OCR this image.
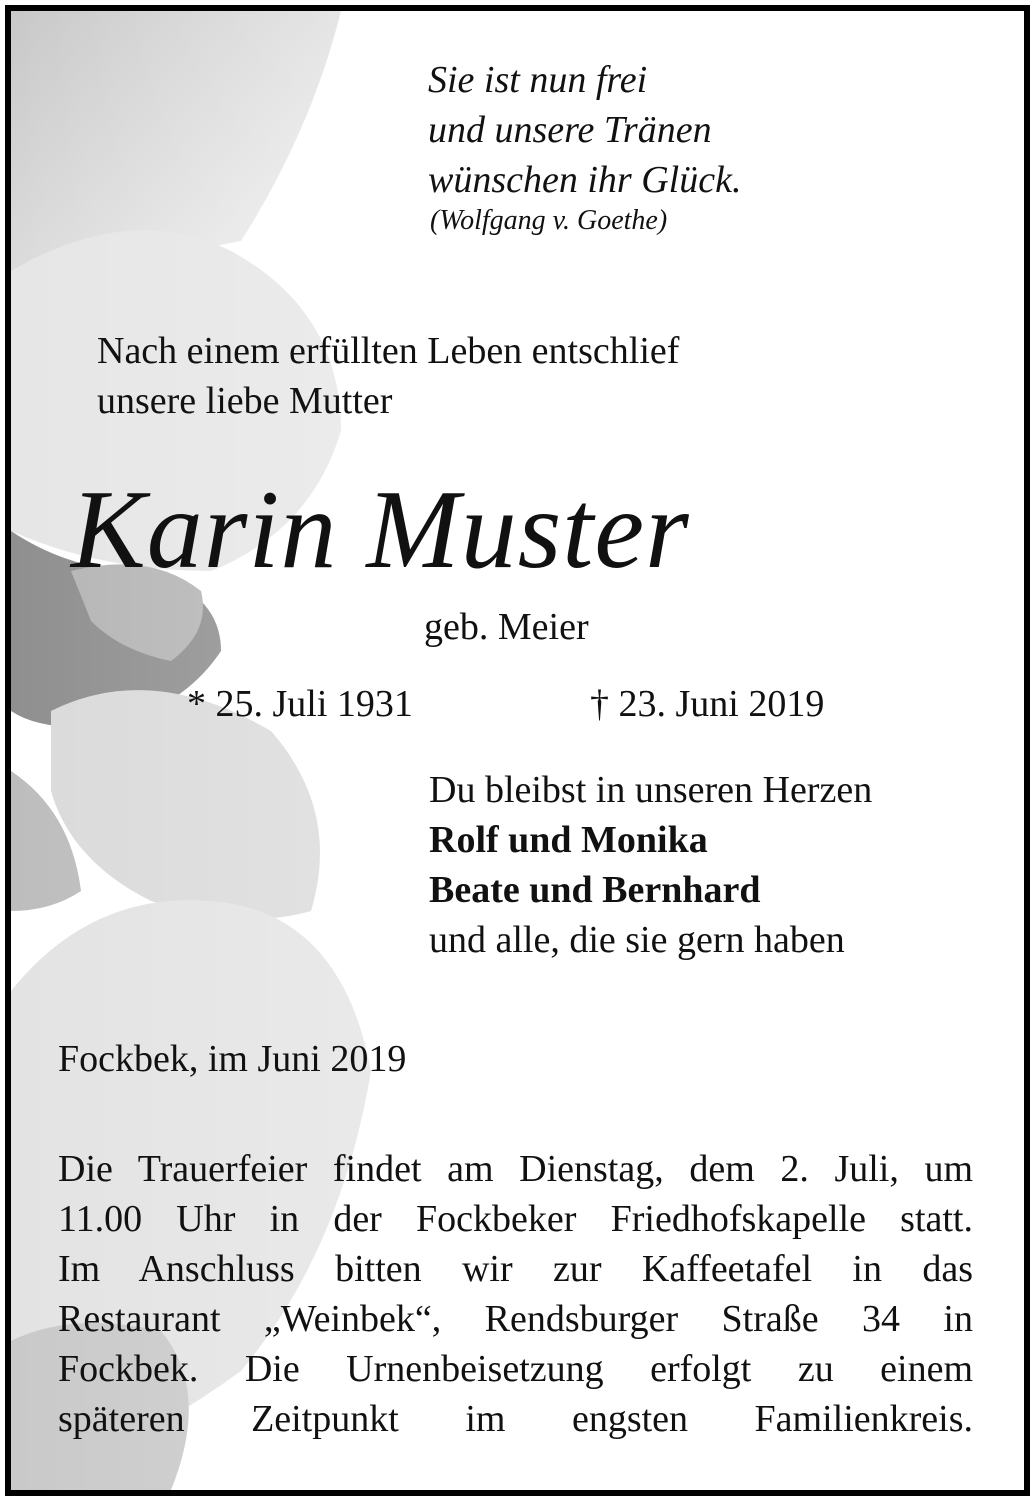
Sie ist nun frei
und unsere Tränen
wünschen ihr Glück.
(Wolfgang v. Goethe)
Nach einem erfüllten Leben entschlief
unsere liebe Mutter
Karin Muster
geb. Meier
* 25. Juli 1931	† 23. Juni 2019
Du bleibst in unseren Herzen
Rolf und Monika
Beate und Bernhard
und alle, die sie gern haben
Fockbek, im Juni 2019
Die Trauerfeier findet am Dienstag, dem 2. Juli, um
11.00 Uhr in der Fockbeker Friedhofskapelle statt.
Im Anschluss bitten wir zur Kaffeetafel in das
Restaurant „Weinbek“, Rendsburger Straße 34 in
Fockbek. Die Urnenbeisetzung erfolgt zu einem
späteren Zeitpunkt im engsten Familienkreis.
